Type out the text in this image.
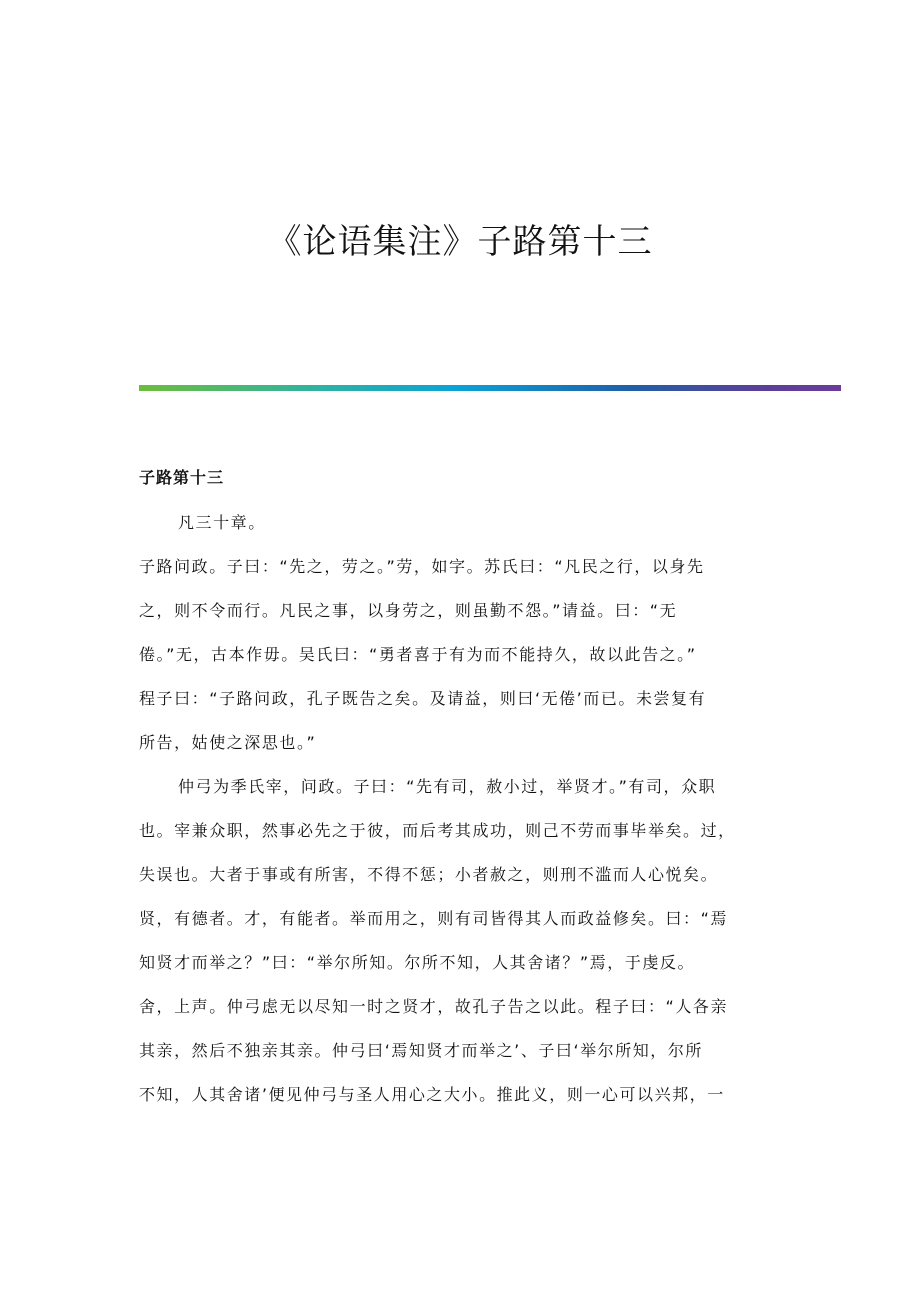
《论语集注》子路第十三
子路第十三
凡三十章。
子路问政。子曰：“先之，劳之。”劳，如字。苏氏曰：“凡民之行，以身先
之，则不令而行。凡民之事，以身劳之，则虽勤不怨。”请益。曰：“无
倦。”无，古本作毋。吴氏曰：“勇者喜于有为而不能持久，故以此告之。”
程子曰：“子路问政，孔子既告之矣。及请益，则曰‘无倦’而已。未尝复有
所告，姑使之深思也。”
仲弓为季氏宰，问政。子曰：“先有司，赦小过，举贤才。”有司，众职
也。宰兼众职，然事必先之于彼，而后考其成功，则己不劳而事毕举矣。过，
失误也。大者于事或有所害，不得不惩；小者赦之，则刑不滥而人心悦矣。
贤，有德者。才，有能者。举而用之，则有司皆得其人而政益修矣。曰：“焉
知贤才而举之？”曰：“举尔所知。尔所不知，人其舍诸？”焉，于虔反。
舍，上声。仲弓虑无以尽知一时之贤才，故孔子告之以此。程子曰：“人各亲
其亲，然后不独亲其亲。仲弓曰‘焉知贤才而举之’、子曰‘举尔所知，尔所
不知，人其舍诸’便见仲弓与圣人用心之大小。推此义，则一心可以兴邦，一
